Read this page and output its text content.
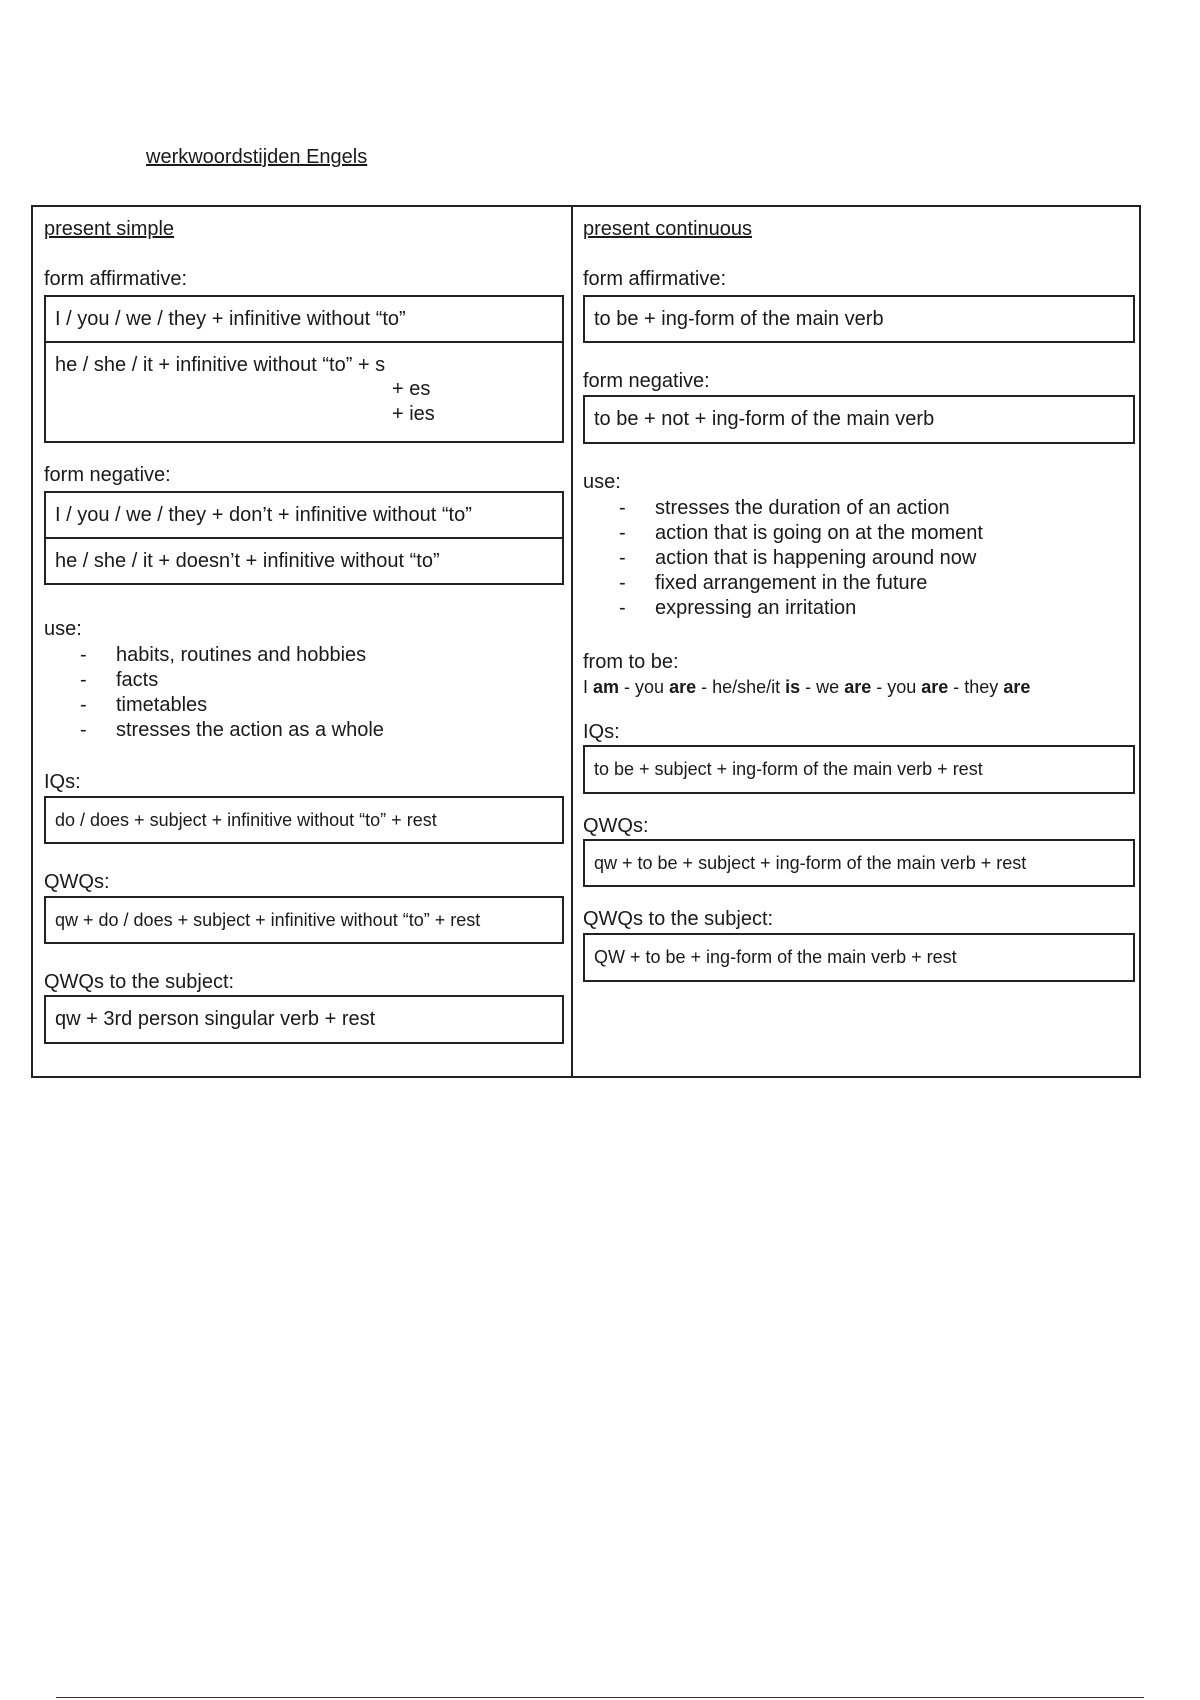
werkwoordstijden Engels
present simple
form affirmative:
I / you / we / they + infinitive without “to”
he / she / it + infinitive without “to” + s
+ es
+ ies
form negative:
I / you / we / they + don’t + infinitive without “to”
he / she / it + doesn’t + infinitive without “to”
use:
- habits, routines and hobbies
- facts
- timetables
- stresses the action as a whole
IQs:
do / does + subject + infinitive without “to” + rest
QWQs:
qw + do / does + subject + infinitive without “to” + rest
QWQs to the subject:
qw + 3rd person singular verb + rest
present continuous
form affirmative:
to be + ing-form of the main verb
form negative:
to be + not + ing-form of the main verb
use:
- stresses the duration of an action
- action that is going on at the moment
- action that is happening around now
- fixed arrangement in the future
- expressing an irritation
from to be:
I am - you are - he/she/it is - we are - you are - they are
IQs:
to be + subject + ing-form of the main verb + rest
QWQs:
qw + to be + subject + ing-form of the main verb + rest
QWQs to the subject:
QW + to be + ing-form of the main verb + rest
